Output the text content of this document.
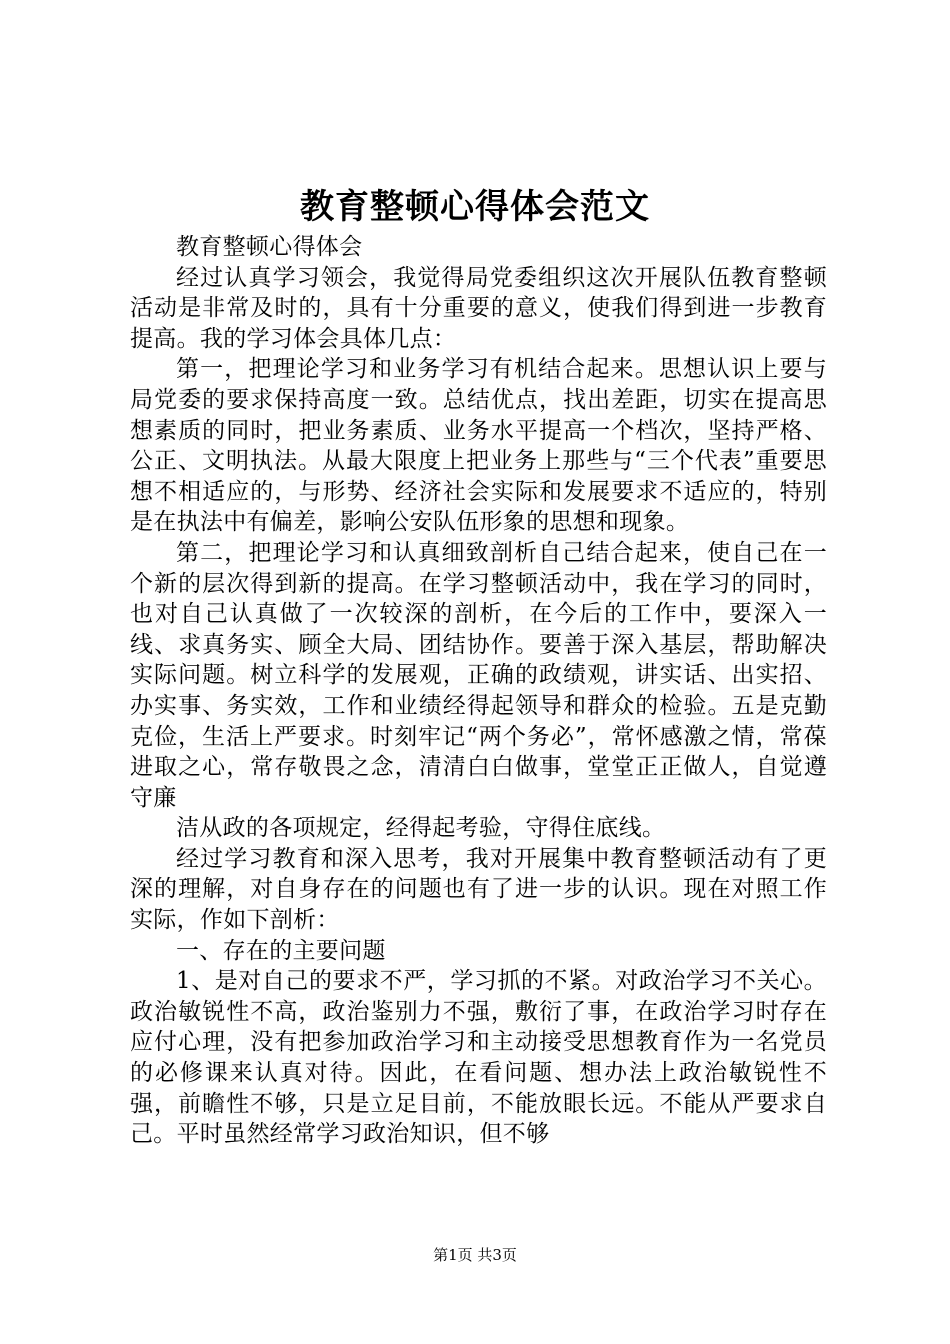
教育整顿心得体会范文

教育整顿心得体会

经过认真学习领会，我觉得局党委组织这次开展队伍教育整顿活动是非常及时的，具有十分重要的意义，使我们得到进一步教育提高。我的学习体会具体几点：

第一，把理论学习和业务学习有机结合起来。思想认识上要与局党委的要求保持高度一致。总结优点，找出差距，切实在提高思想素质的同时，把业务素质、业务水平提高一个档次，坚持严格、公正、文明执法。从最大限度上把业务上那些与“三个代表”重要思想不相适应的，与形势、经济社会实际和发展要求不适应的，特别是在执法中有偏差，影响公安队伍形象的思想和现象。

第二，把理论学习和认真细致剖析自己结合起来，使自己在一个新的层次得到新的提高。在学习整顿活动中，我在学习的同时，也对自己认真做了一次较深的剖析，在今后的工作中，要深入一线、求真务实、顾全大局、团结协作。要善于深入基层，帮助解决实际问题。树立科学的发展观，正确的政绩观，讲实话、出实招、办实事、务实效，工作和业绩经得起领导和群众的检验。五是克勤克俭，生活上严要求。时刻牢记“两个务必”，常怀感激之情，常葆进取之心，常存敬畏之念，清清白白做事，堂堂正正做人，自觉遵守廉

洁从政的各项规定，经得起考验，守得住底线。

经过学习教育和深入思考，我对开展集中教育整顿活动有了更深的理解，对自身存在的问题也有了进一步的认识。现在对照工作实际，作如下剖析：

一、存在的主要问题

1、是对自己的要求不严，学习抓的不紧。对政治学习不关心。政治敏锐性不高，政治鉴别力不强，敷衍了事，在政治学习时存在应付心理，没有把参加政治学习和主动接受思想教育作为一名党员的必修课来认真对待。因此，在看问题、想办法上政治敏锐性不强，前瞻性不够，只是立足目前，不能放眼长远。不能从严要求自己。平时虽然经常学习政治知识，但不够

第1页 共3页
